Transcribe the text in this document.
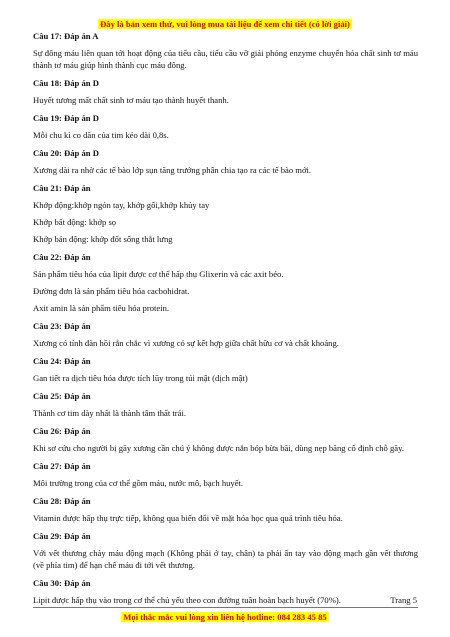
Đây là bản xem thử, vui lòng mua tài liệu để xem chi tiết (có lời giải)

Câu 17: Đáp án A

Sự đông máu liên quan tới hoạt động của tiểu cầu, tiểu cầu vỡ giải phóng enzyme chuyển hóa chất sinh tơ máu thành tơ máu giúp hình thành cục máu đông.

Câu 18: Đáp án D

Huyết tương mất chất sinh tơ máu tạo thành huyết thanh.

Câu 19: Đáp án D

Mỗi chu kì co dãn của tim kéo dài 0,8s.

Câu 20: Đáp án D

Xương dài ra nhờ các tế bào lớp sụn tăng trưởng phân chia tạo ra các tế bào mới.

Câu 21: Đáp án

Khớp động:khớp ngón tay, khớp gối,khớp khủy tay

Khớp bất động: khớp sọ

Khớp bán động: khớp đốt sống thắt lưng

Câu 22: Đáp án

Sản phẩm tiêu hóa của lipit được cơ thể hấp thụ Glixerin và các axit béo.

Đường đơn là sản phẩm tiêu hóa cacbohidrat.

Axit amin là sản phẩm tiêu hóa protein.

Câu 23: Đáp án

Xương có tính đàn hồi rắn chắc vì xương có sự kết hợp giữa chất hữu cơ và chất khoáng.

Câu 24: Đáp án

Gan tiết ra dịch tiêu hóa được tích lũy trong túi mật (dịch mật)

Câu 25: Đáp án

Thành cơ tim dày nhất là thành tâm thất trái.

Câu 26: Đáp án

Khi sơ cứu cho người bị gãy xương cần chú ý không được nắn bóp bừa bãi, dùng nẹp băng cố định chỗ gãy.

Câu 27: Đáp án

Môi trường trong của cơ thể gồm máu, nước mô, bạch huyết.

Câu 28: Đáp án

Vitamin được hấp thụ trực tiếp, không qua biến đổi về mặt hóa học qua quá trình tiêu hóa.

Câu 29: Đáp án

Với vết thương chảy máu động mạch (Không phải ở tay, chân) ta phải ấn tay vào động mạch gần vết thương (về phía tim) để hạn chế máu đi tới vết thương.

Câu 30: Đáp án

Lipit được hấp thụ vào trong cơ thể chủ yếu theo con đường tuần hoàn bạch huyết (70%).	Trang 5
Mọi thắc mắc vui lòng xin liên hệ hotline: 084 283 45 85
